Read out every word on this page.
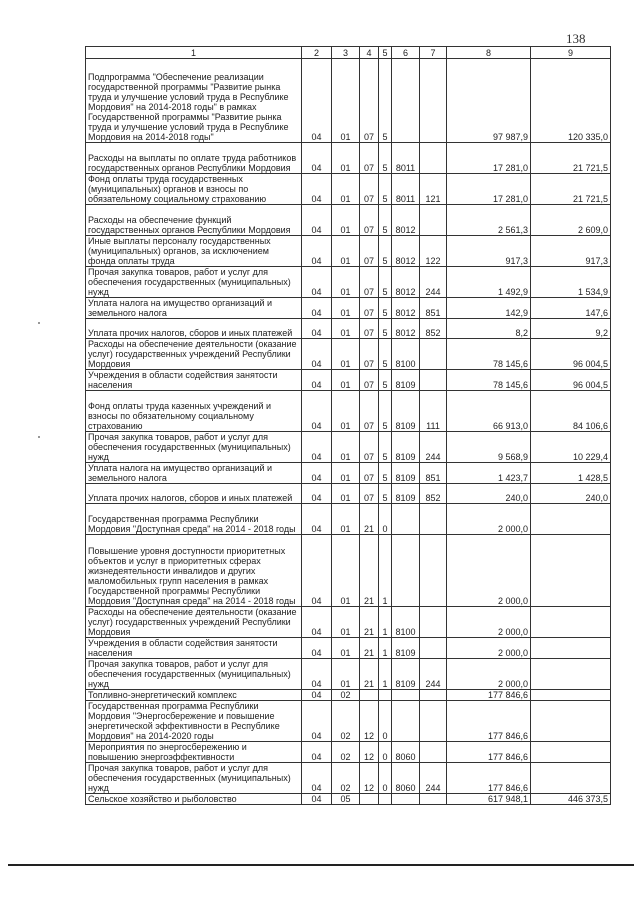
138
1	2	3	4	5	6	7	8	9
Подпрограмма "Обеспечение реализации государственной программы "Развитие рынка труда и улучшение условий труда в Республике Мордовия" на 2014-2018 годы" в рамках Государственной программы "Развитие рынка труда и улучшение условий труда в Республике Мордовия на 2014-2018 годы"	04	01	07	5			97 987,9	120 335,0
Расходы на выплаты по оплате труда работников государственных органов Республики Мордовия	04	01	07	5	8011		17 281,0	21 721,5
Фонд оплаты труда государственных (муниципальных) органов и взносы по обязательному социальному страхованию	04	01	07	5	8011	121	17 281,0	21 721,5
Расходы на обеспечение функций государственных органов Республики Мордовия	04	01	07	5	8012		2 561,3	2 609,0
Иные выплаты персоналу государственных (муниципальных) органов, за исключением фонда оплаты труда	04	01	07	5	8012	122	917,3	917,3
Прочая закупка товаров, работ и услуг для обеспечения государственных (муниципальных) нужд	04	01	07	5	8012	244	1 492,9	1 534,9
Уплата налога на имущество организаций и земельного налога	04	01	07	5	8012	851	142,9	147,6
Уплата прочих налогов, сборов и иных платежей	04	01	07	5	8012	852	8,2	9,2
Расходы на обеспечение деятельности (оказание услуг) государственных учреждений Республики Мордовия	04	01	07	5	8100		78 145,6	96 004,5
Учреждения в области содействия занятости населения	04	01	07	5	8109		78 145,6	96 004,5
Фонд оплаты труда казенных учреждений и взносы по обязательному социальному страхованию	04	01	07	5	8109	111	66 913,0	84 106,6
Прочая закупка товаров, работ и услуг для обеспечения государственных (муниципальных) нужд	04	01	07	5	8109	244	9 568,9	10 229,4
Уплата налога на имущество организаций и земельного налога	04	01	07	5	8109	851	1 423,7	1 428,5
Уплата прочих налогов, сборов и иных платежей	04	01	07	5	8109	852	240,0	240,0
Государственная программа Республики Мордовия "Доступная среда" на 2014 - 2018 годы	04	01	21	0			2 000,0	
Повышение уровня доступности приоритетных объектов и услуг в приоритетных сферах жизнедеятельности инвалидов и других маломобильных групп населения в рамках Государственной программы Республики Мордовия "Доступная среда" на 2014 - 2018 годы	04	01	21	1			2 000,0	
Расходы на обеспечение деятельности (оказание услуг) государственных учреждений Республики Мордовия	04	01	21	1	8100		2 000,0	
Учреждения в области содействия занятости населения	04	01	21	1	8109		2 000,0	
Прочая закупка товаров, работ и услуг для обеспечения государственных (муниципальных) нужд	04	01	21	1	8109	244	2 000,0	
Топливно-энергетический комплекс	04	02					177 846,6	
Государственная программа Республики Мордовия "Энергосбережение и повышение энергетической эффективности в Республике Мордовия" на 2014-2020 годы	04	02	12	0			177 846,6	
Мероприятия по энергосбережению и повышению энергоэффективности	04	02	12	0	8060		177 846,6	
Прочая закупка товаров, работ и услуг для обеспечения государственных (муниципальных) нужд	04	02	12	0	8060	244	177 846,6	
Сельское хозяйство и рыболовство	04	05					617 948,1	446 373,5
